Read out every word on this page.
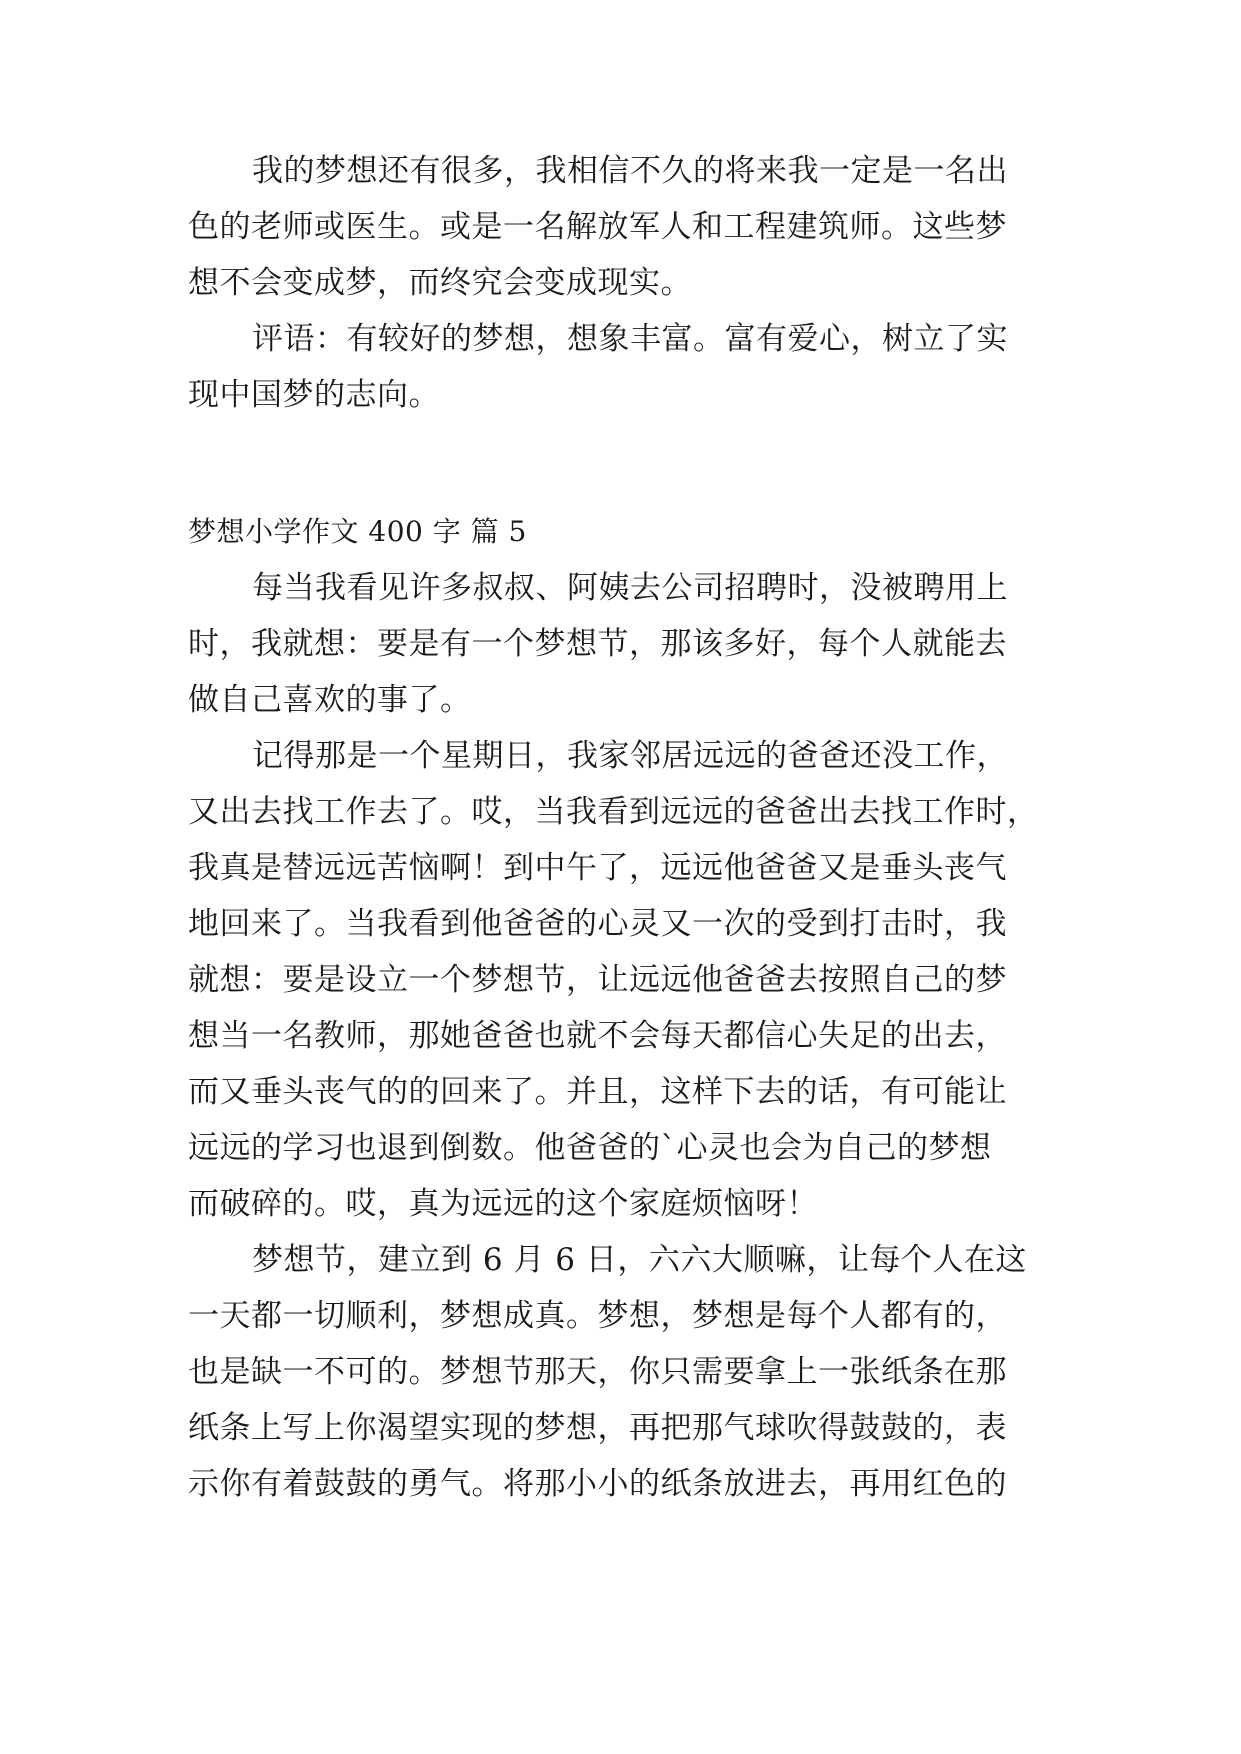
我的梦想还有很多，我相信不久的将来我一定是一名出
色的老师或医生。或是一名解放军人和工程建筑师。这些梦
想不会变成梦，而终究会变成现实。
评语：有较好的梦想，想象丰富。富有爱心，树立了实
现中国梦的志向。
梦想小学作文 400 字 篇 5
每当我看见许多叔叔、阿姨去公司招聘时，没被聘用上
时，我就想：要是有一个梦想节，那该多好，每个人就能去
做自己喜欢的事了。
记得那是一个星期日，我家邻居远远的爸爸还没工作，
又出去找工作去了。哎，当我看到远远的爸爸出去找工作时，
我真是替远远苦恼啊！到中午了，远远他爸爸又是垂头丧气
地回来了。当我看到他爸爸的心灵又一次的受到打击时，我
就想：要是设立一个梦想节，让远远他爸爸去按照自己的梦
想当一名教师，那她爸爸也就不会每天都信心失足的出去，
而又垂头丧气的的回来了。并且，这样下去的话，有可能让
远远的学习也退到倒数。他爸爸的`心灵也会为自己的梦想
而破碎的。哎，真为远远的这个家庭烦恼呀！
梦想节，建立到 6 月 6 日，六六大顺嘛，让每个人在这
一天都一切顺利，梦想成真。梦想，梦想是每个人都有的，
也是缺一不可的。梦想节那天，你只需要拿上一张纸条在那
纸条上写上你渴望实现的梦想，再把那气球吹得鼓鼓的，表
示你有着鼓鼓的勇气。将那小小的纸条放进去，再用红色的
